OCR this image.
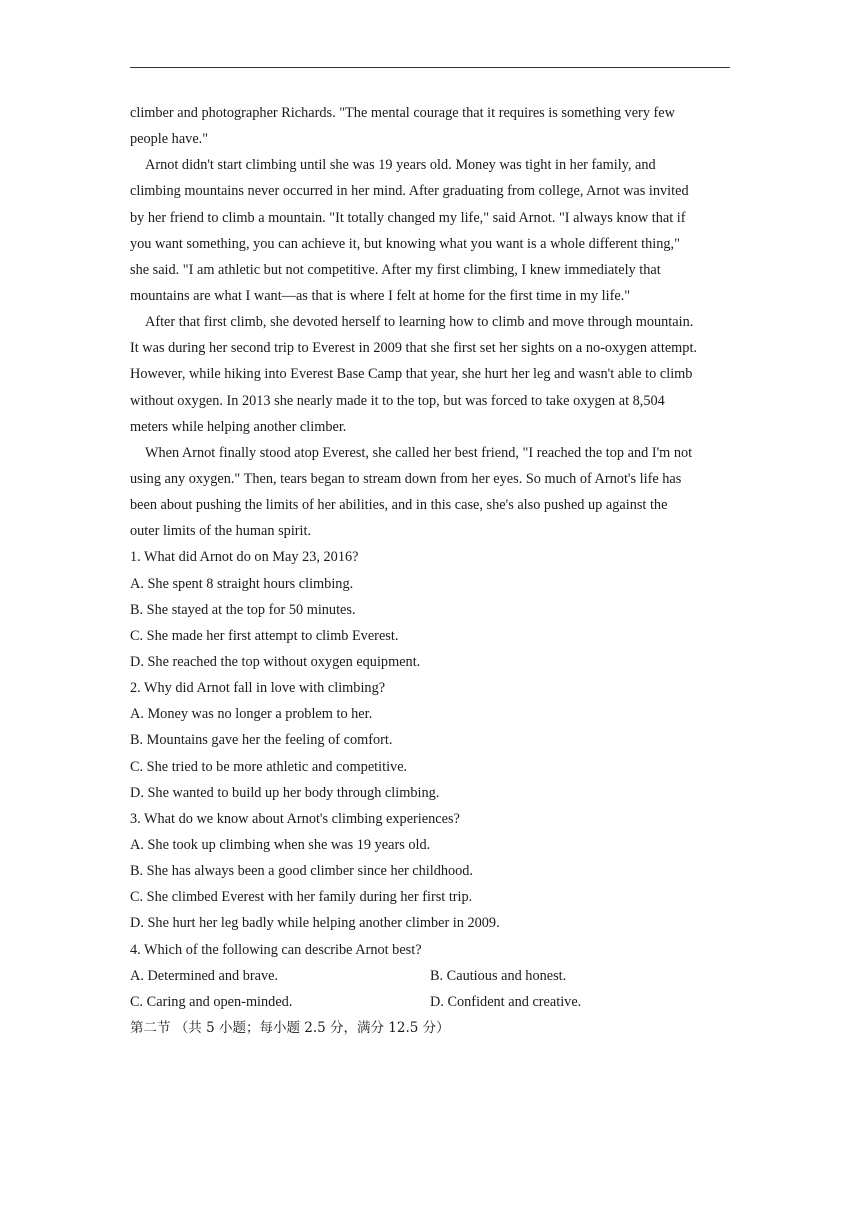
climber and photographer Richards. "The mental courage that it requires is something very few
people have."
Arnot didn't start climbing until she was 19 years old. Money was tight in her family, and
climbing mountains never occurred in her mind. After graduating from college, Arnot was invited
by her friend to climb a mountain. "It totally changed my life," said Arnot. "I always know that if
you want something, you can achieve it, but knowing what you want is a whole different thing,"
she said. "I am athletic but not competitive. After my first climbing, I knew immediately that
mountains are what I want—as that is where I felt at home for the first time in my life."
After that first climb, she devoted herself to learning how to climb and move through mountain.
It was during her second trip to Everest in 2009 that she first set her sights on a no-oxygen attempt.
However, while hiking into Everest Base Camp that year, she hurt her leg and wasn't able to climb
without oxygen. In 2013 she nearly made it to the top, but was forced to take oxygen at 8,504
meters while helping another climber.
When Arnot finally stood atop Everest, she called her best friend, "I reached the top and I'm not
using any oxygen." Then, tears began to stream down from her eyes. So much of Arnot's life has
been about pushing the limits of her abilities, and in this case, she's also pushed up against the
outer limits of the human spirit.
1. What did Arnot do on May 23, 2016?
A. She spent 8 straight hours climbing.
B. She stayed at the top for 50 minutes.
C. She made her first attempt to climb Everest.
D. She reached the top without oxygen equipment.
2. Why did Arnot fall in love with climbing?
A. Money was no longer a problem to her.
B. Mountains gave her the feeling of comfort.
C. She tried to be more athletic and competitive.
D. She wanted to build up her body through climbing.
3. What do we know about Arnot's climbing experiences?
A. She took up climbing when she was 19 years old.
B. She has always been a good climber since her childhood.
C. She climbed Everest with her family during her first trip.
D. She hurt her leg badly while helping another climber in 2009.
4. Which of the following can describe Arnot best?
A. Determined and brave.	B. Cautious and honest.
C. Caring and open-minded.	D. Confident and creative.
第二节 （共 5 小题；每小题 2.5 分，满分 12.5 分）
